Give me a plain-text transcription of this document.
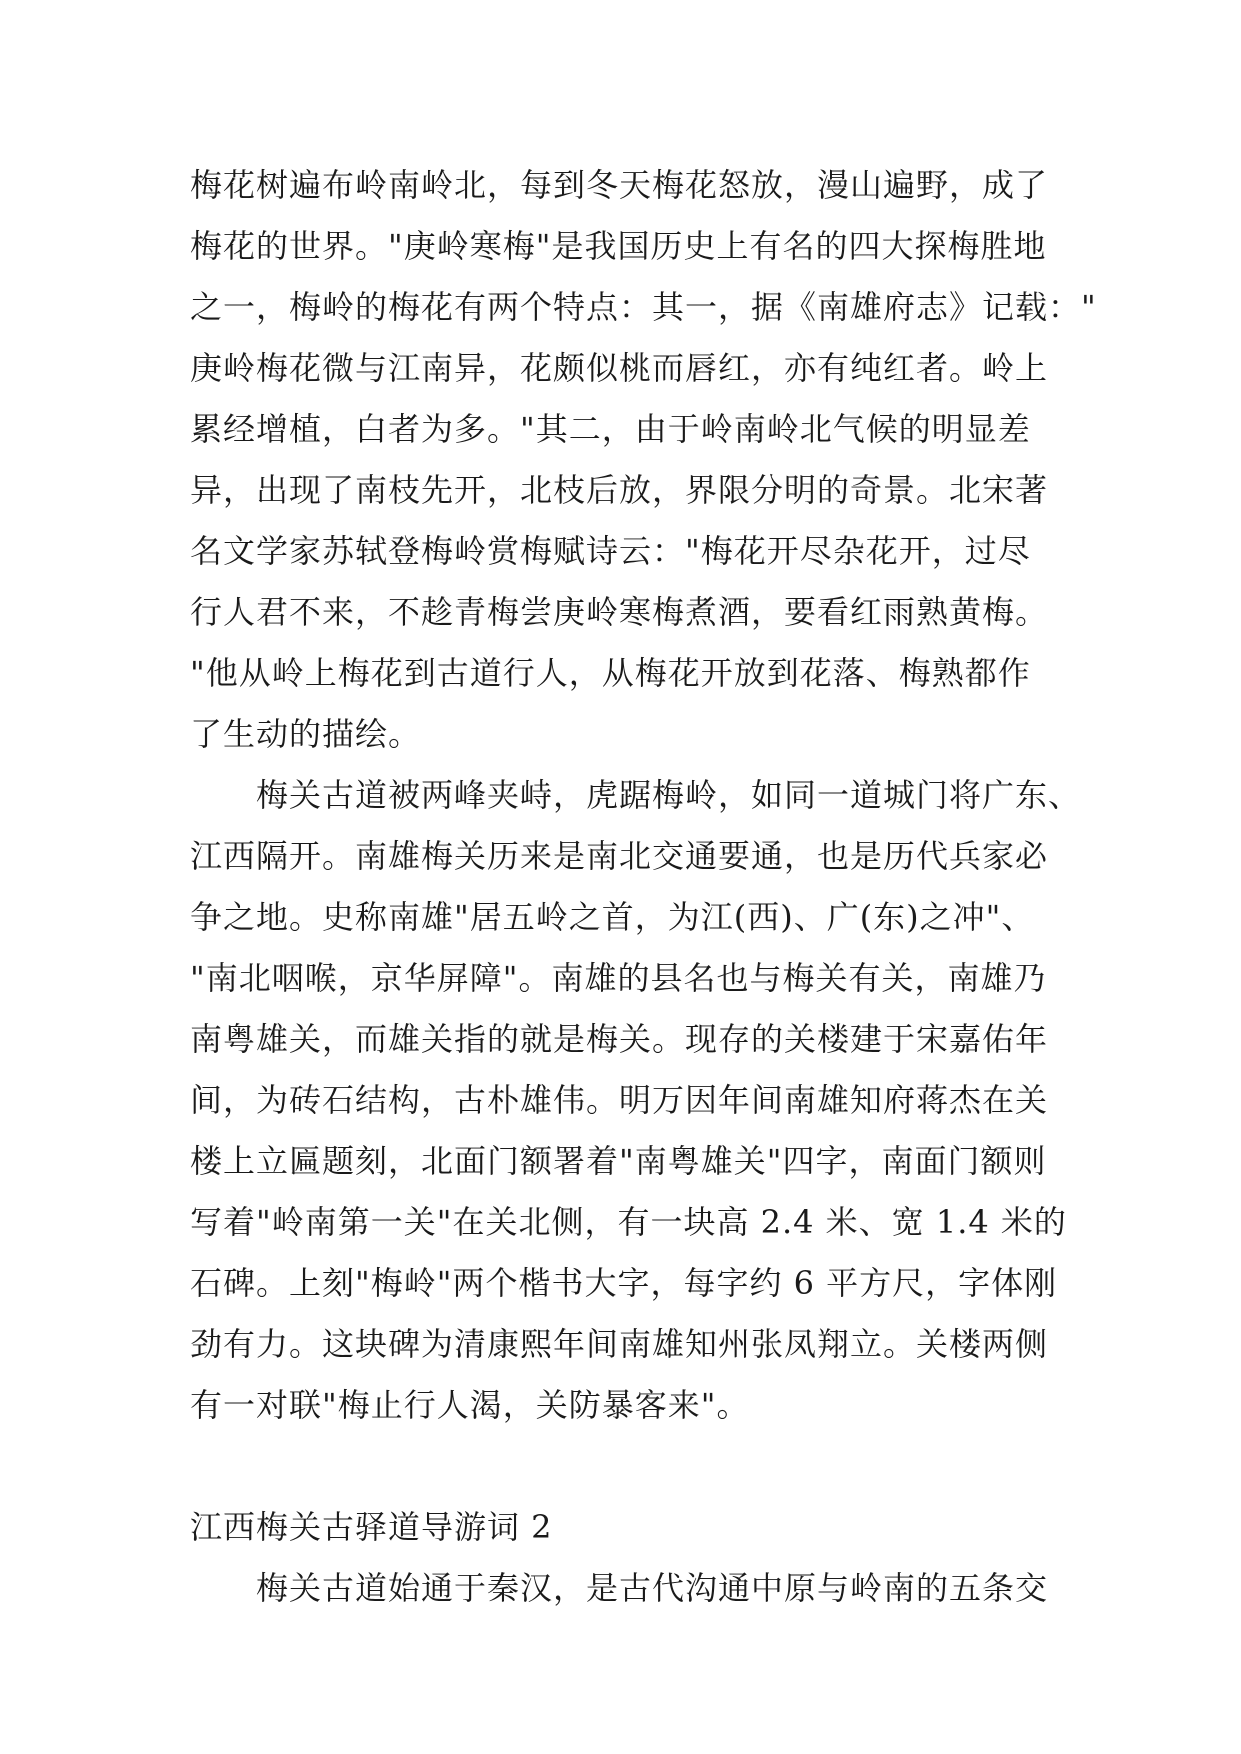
梅花树遍布岭南岭北，每到冬天梅花怒放，漫山遍野，成了
梅花的世界。"庚岭寒梅"是我国历史上有名的四大探梅胜地
之一，梅岭的梅花有两个特点：其一，据《南雄府志》记载："
庚岭梅花微与江南异，花颇似桃而唇红，亦有纯红者。岭上
累经增植，白者为多。"其二，由于岭南岭北气候的明显差
异，出现了南枝先开，北枝后放，界限分明的奇景。北宋著
名文学家苏轼登梅岭赏梅赋诗云："梅花开尽杂花开，过尽
行人君不来，不趁青梅尝庚岭寒梅煮酒，要看红雨熟黄梅。
"他从岭上梅花到古道行人，从梅花开放到花落、梅熟都作
了生动的描绘。
梅关古道被两峰夹峙，虎踞梅岭，如同一道城门将广东、
江西隔开。南雄梅关历来是南北交通要通，也是历代兵家必
争之地。史称南雄"居五岭之首，为江(西)、广(东)之冲"、
"南北咽喉，京华屏障"。南雄的县名也与梅关有关，南雄乃
南粤雄关，而雄关指的就是梅关。现存的关楼建于宋嘉佑年
间，为砖石结构，古朴雄伟。明万因年间南雄知府蒋杰在关
楼上立匾题刻，北面门额署着"南粤雄关"四字，南面门额则
写着"岭南第一关"在关北侧，有一块高 2.4 米、宽 1.4 米的
石碑。上刻"梅岭"两个楷书大字，每字约 6 平方尺，字体刚
劲有力。这块碑为清康熙年间南雄知州张凤翔立。关楼两侧
有一对联"梅止行人渴，关防暴客来"。
江西梅关古驿道导游词 2
梅关古道始通于秦汉，是古代沟通中原与岭南的五条交
